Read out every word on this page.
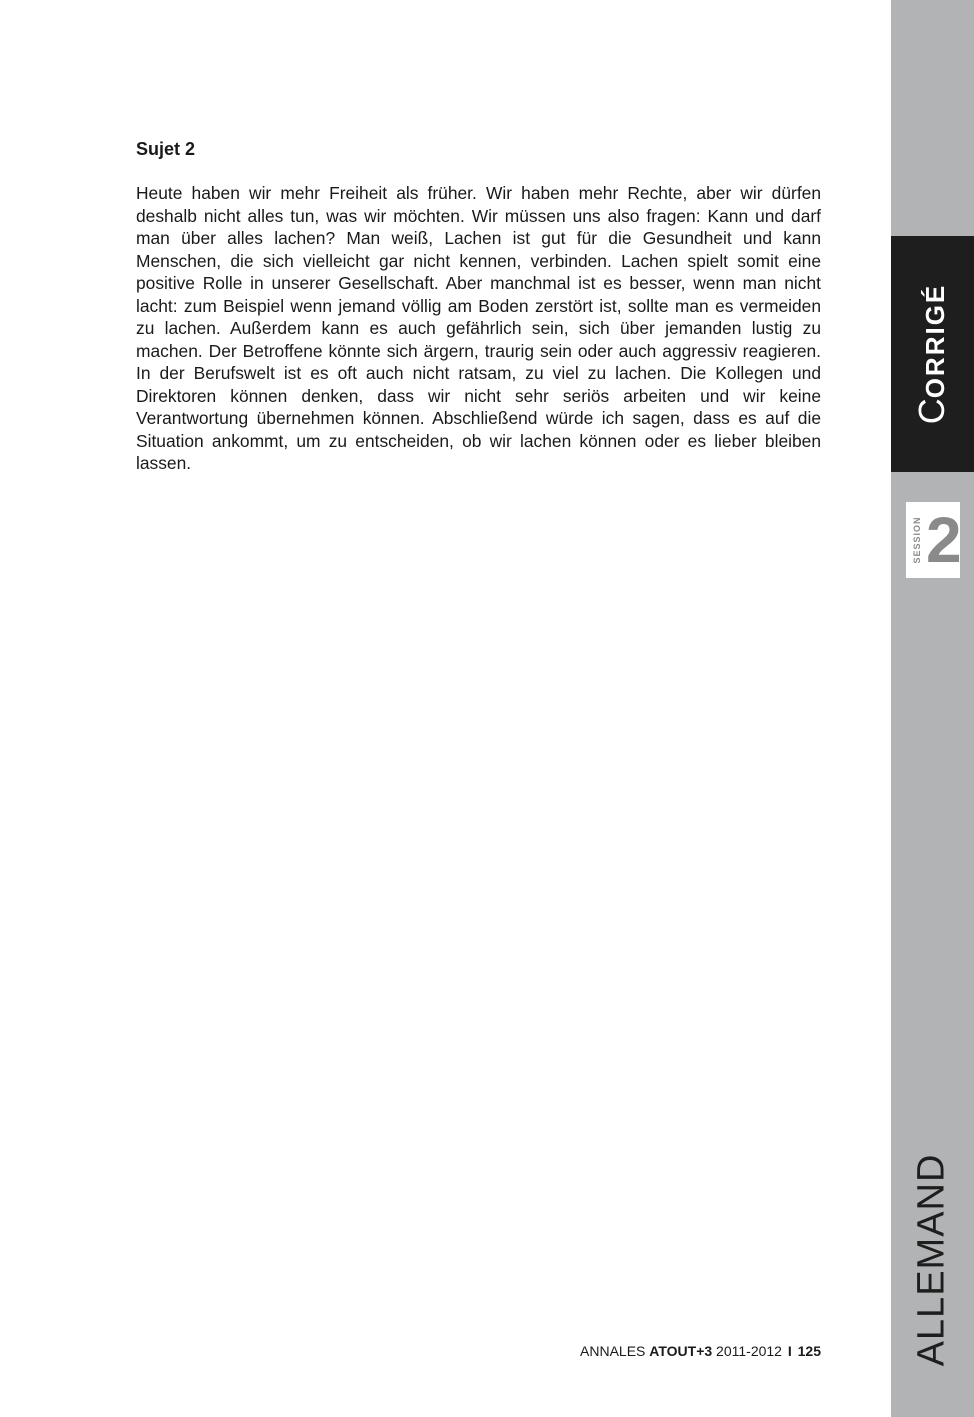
Sujet 2

Heute haben wir mehr Freiheit als früher. Wir haben mehr Rechte, aber wir dürfen deshalb nicht alles tun, was wir möchten. Wir müssen uns also fragen: Kann und darf man über alles lachen? Man weiß, Lachen ist gut für die Gesundheit und kann Menschen, die sich vielleicht gar nicht kennen, verbinden. Lachen spielt somit eine positive Rolle in unserer Gesellschaft. Aber manchmal ist es besser, wenn man nicht lacht: zum Beispiel wenn jemand völlig am Boden zerstört ist, sollte man es vermeiden zu lachen. Außerdem kann es auch gefährlich sein, sich über jemanden lustig zu machen. Der Betroffene könnte sich ärgern, traurig sein oder auch aggressiv reagieren. In der Berufswelt ist es oft auch nicht ratsam, zu viel zu lachen. Die Kollegen und Direktoren können denken, dass wir nicht sehr seriös arbeiten und wir keine Verantwortung übernehmen können. Abschließend würde ich sagen, dass es auf die Situation ankommt, um zu entscheiden, ob wir lachen können oder es lieber bleiben lassen.

ANNALES ATOUT+3 2011-2012 I 125
CORRIGÉ
SESSION 2
ALLEMAND
